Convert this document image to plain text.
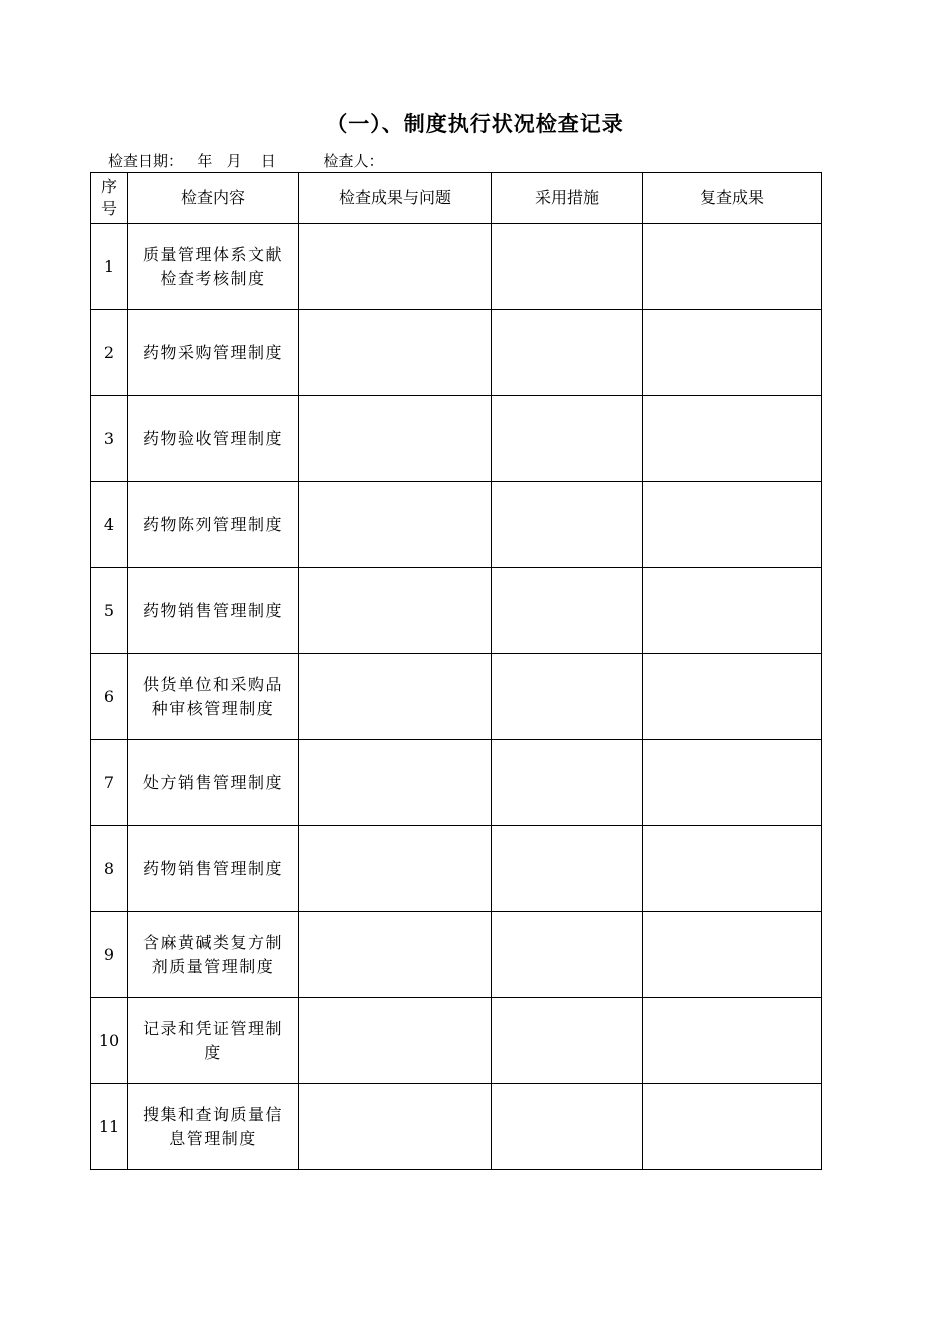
（一）、制度执行状况检查记录
检查日期： 年 月 日	检查人：
序
号	检查内容	检查成果与问题	采用措施	复查成果
1	质量管理体系文献检查考核制度			
2	药物采购管理制度			
3	药物验收管理制度			
4	药物陈列管理制度			
5	药物销售管理制度			
6	供货单位和采购品种审核管理制度			
7	处方销售管理制度			
8	药物销售管理制度			
9	含麻黄碱类复方制剂质量管理制度			
10	记录和凭证管理制度			
11	搜集和查询质量信息管理制度			
